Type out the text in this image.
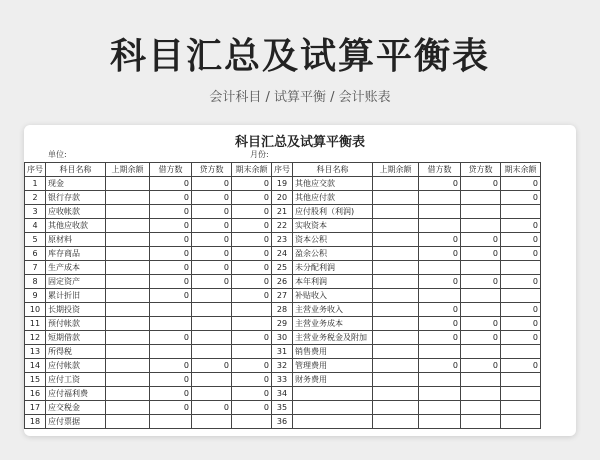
科目汇总及试算平衡表
会计科目 / 试算平衡 / 会计账表
科目汇总及试算平衡表
单位:	月份:
序号	科目名称	上期余额	借方数	贷方数	期末余额	序号	科目名称	上期余额	借方数	贷方数	期末余额
1	现金		0	0	0	19	其他应交款		0	0	0
2	银行存款		0	0	0	20	其他应付款				0
3	应收帐款		0	0	0	21	应付股利（利润)				
4	其他应收款		0	0	0	22	实收资本				0
5	原材料		0	0	0	23	资本公积		0	0	0
6	库存商品		0	0	0	24	盈余公积		0	0	0
7	生产成本		0	0	0	25	未分配利润				
8	固定资产		0	0	0	26	本年利润		0	0	0
9	累计折旧		0		0	27	补贴收入				
10	长期投资					28	主营业务收入		0		0
11	预付帐款					29	主营业务成本		0	0	0
12	短期借款		0		0	30	主营业务税金及附加		0	0	0
13	所得税					31	销售费用				
14	应付帐款		0	0	0	32	管理费用		0	0	0
15	应付工资		0		0	33	财务费用				
16	应付福利费		0		0	34					
17	应交税金		0	0	0	35					
18	应付票据					36					
